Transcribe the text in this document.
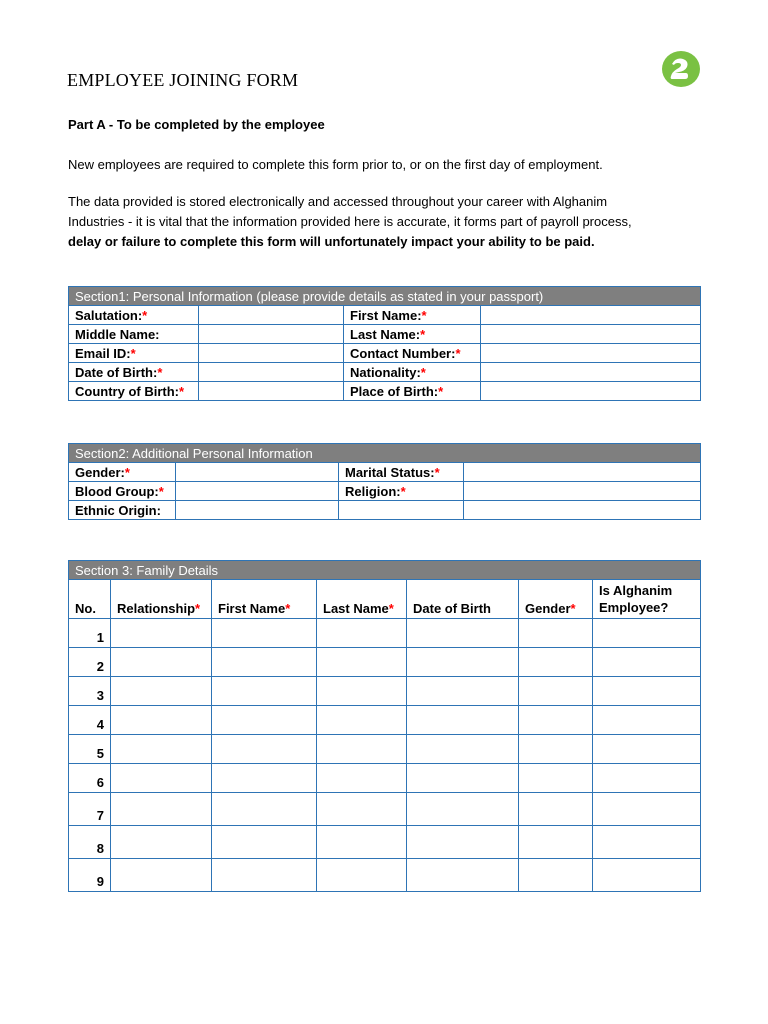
EMPLOYEE JOINING FORM
Part A - To be completed by the employee
New employees are required to complete this form prior to, or on the first day of employment.
The data provided is stored electronically and accessed throughout your career with Alghanim
Industries - it is vital that the information provided here is accurate, it forms part of payroll process,
delay or failure to complete this form will unfortunately impact your ability to be paid.
Section1: Personal Information (please provide details as stated in your passport)			
Salutation:*		First Name:*	
Middle Name:		Last Name:*	
Email ID:*		Contact Number:*	
Date of Birth:*		Nationality:*	
Country of Birth:*		Place of Birth:*	
Section2: Additional Personal Information			
Gender:*		Marital Status:*	
Blood Group:*		Religion:*	
Ethnic Origin:			
Section 3: Family Details						
No.	Relationship*	First Name*	Last Name*	Date of Birth	Gender*	Is Alghanim
Employee?
1						
2						
3						
4						
5						
6						
7						
8						
9						
